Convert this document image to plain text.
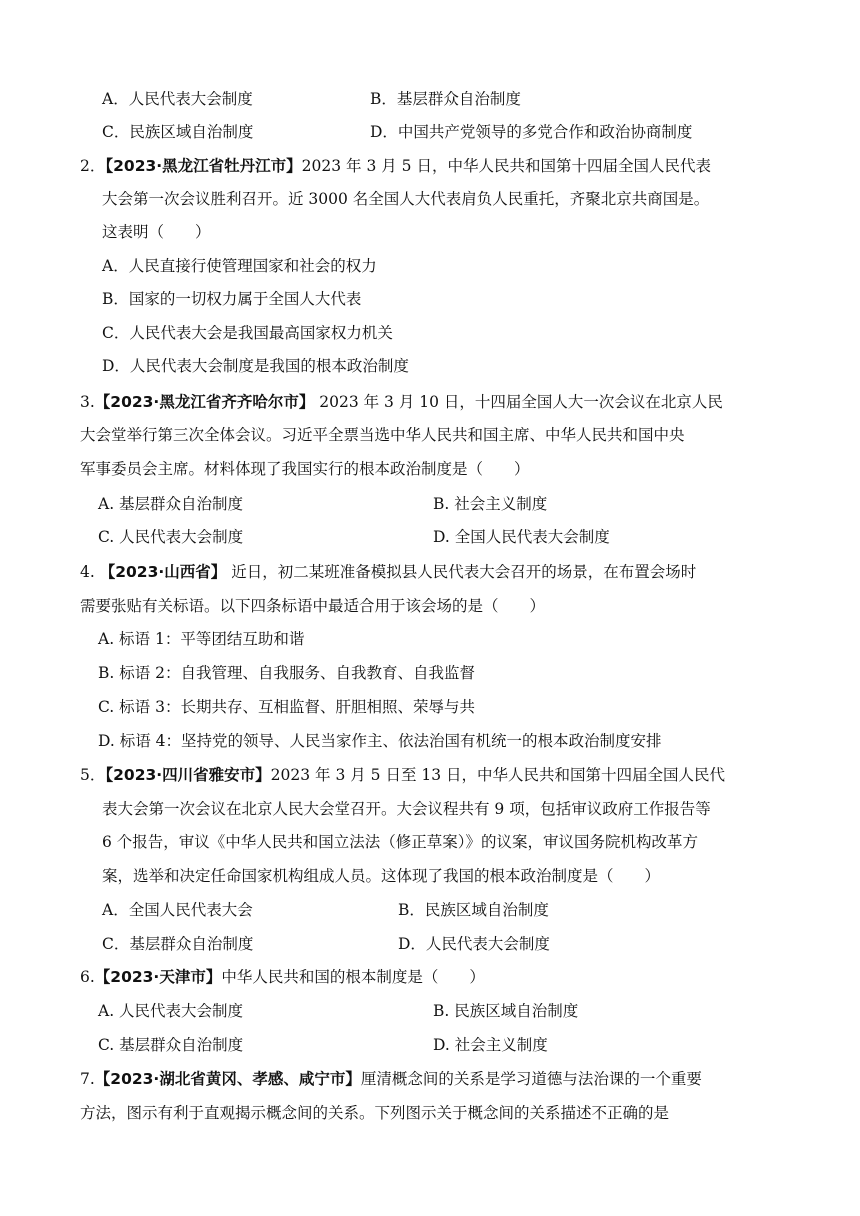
A．人民代表大会制度	B．基层群众自治制度
C．民族区域自治制度	D．中国共产党领导的多党合作和政治协商制度
2．【2023·黑龙江省牡丹江市】2023 年 3 月 5 日，中华人民共和国第十四届全国人民代表
大会第一次会议胜利召开。近 3000 名全国人大代表肩负人民重托，齐聚北京共商国是。
这表明（　　）
A．人民直接行使管理国家和社会的权力
B．国家的一切权力属于全国人大代表
C．人民代表大会是我国最高国家权力机关
D．人民代表大会制度是我国的根本政治制度
3.【2023·黑龙江省齐齐哈尔市】 2023 年 3 月 10 日，十四届全国人大一次会议在北京人民
大会堂举行第三次全体会议。习近平全票当选中华人民共和国主席、中华人民共和国中央
军事委员会主席。材料体现了我国实行的根本政治制度是（　　）
A. 基层群众自治制度	B. 社会主义制度
C. 人民代表大会制度	D. 全国人民代表大会制度
4. 【2023·山西省】 近日，初二某班准备模拟县人民代表大会召开的场景，在布置会场时
需要张贴有关标语。以下四条标语中最适合用于该会场的是（　　）
A. 标语 1：平等团结互助和谐
B. 标语 2：自我管理、自我服务、自我教育、自我监督
C. 标语 3：长期共存、互相监督、肝胆相照、荣辱与共
D. 标语 4：坚持党的领导、人民当家作主、依法治国有机统一的根本政治制度安排
5．【2023·四川省雅安市】2023 年 3 月 5 日至 13 日，中华人民共和国第十四届全国人民代
表大会第一次会议在北京人民大会堂召开。大会议程共有 9 项，包括审议政府工作报告等
6 个报告，审议《中华人民共和国立法法（修正草案）》的议案，审议国务院机构改革方
案，选举和决定任命国家机构组成人员。这体现了我国的根本政治制度是（　　）
A．全国人民代表大会	B．民族区域自治制度
C．基层群众自治制度	D．人民代表大会制度
6.【2023·天津市】中华人民共和国的根本制度是（　　）
A. 人民代表大会制度	B. 民族区域自治制度
C. 基层群众自治制度	D. 社会主义制度
7.【2023·湖北省黄冈、孝感、咸宁市】厘清概念间的关系是学习道德与法治课的一个重要
方法，图示有利于直观揭示概念间的关系。下列图示关于概念间的关系描述不正确的是
